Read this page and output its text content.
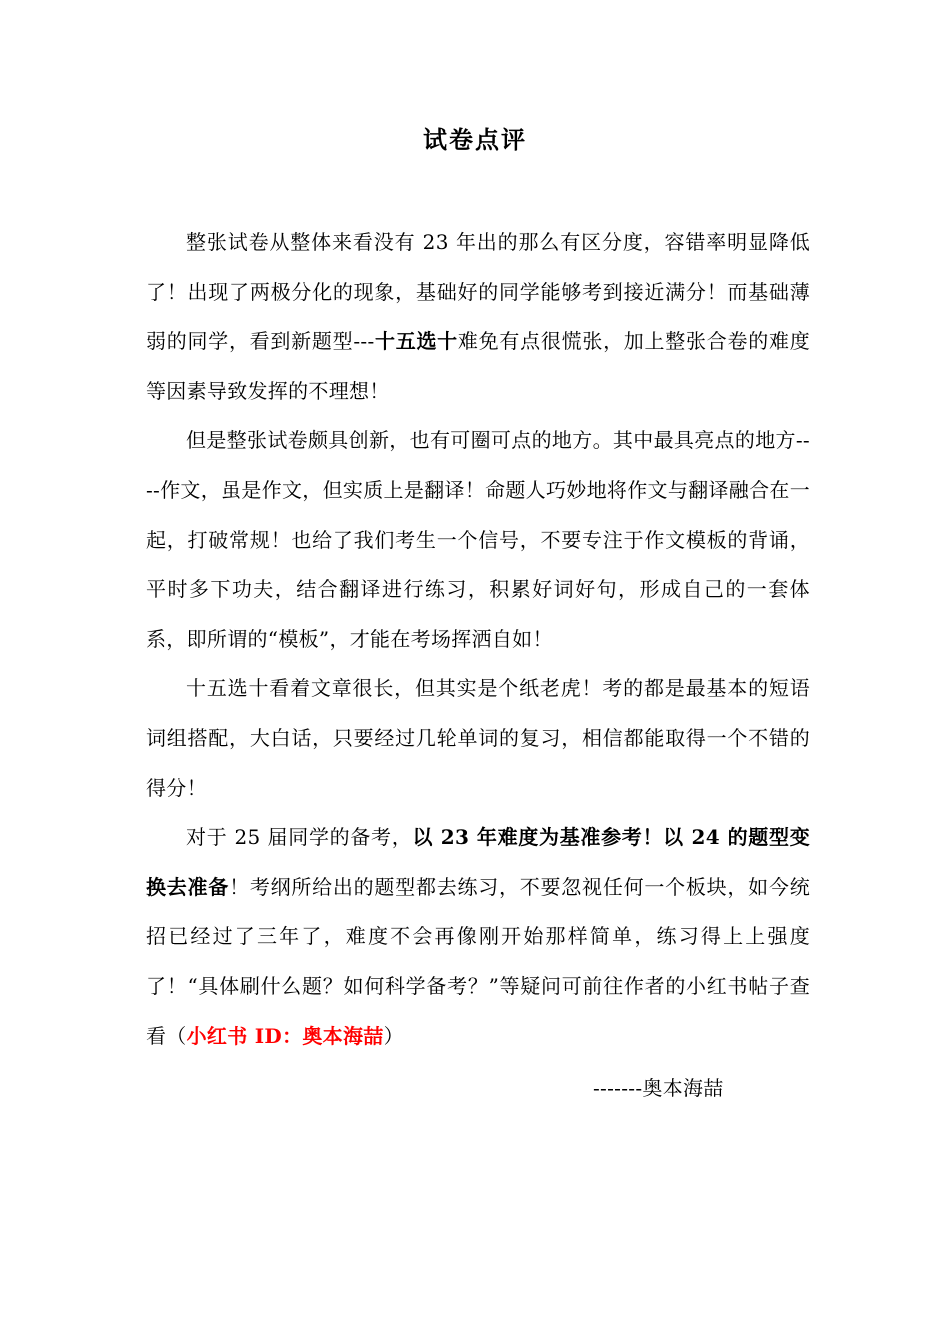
试卷点评

整张试卷从整体来看没有 23 年出的那么有区分度，容错率明显降低了！出现了两极分化的现象，基础好的同学能够考到接近满分！而基础薄弱的同学，看到新题型---十五选十难免有点很慌张，加上整张合卷的难度等因素导致发挥的不理想！

但是整张试卷颇具创新，也有可圈可点的地方。其中最具亮点的地方----作文，虽是作文，但实质上是翻译！命题人巧妙地将作文与翻译融合在一起，打破常规！也给了我们考生一个信号，不要专注于作文模板的背诵，平时多下功夫，结合翻译进行练习，积累好词好句，形成自己的一套体系，即所谓的“模板”，才能在考场挥洒自如！

十五选十看着文章很长，但其实是个纸老虎！考的都是最基本的短语词组搭配，大白话，只要经过几轮单词的复习，相信都能取得一个不错的得分！

对于 25 届同学的备考，以 23 年难度为基准参考！以 24 的题型变换去准备！考纲所给出的题型都去练习，不要忽视任何一个板块，如今统招已经过了三年了，难度不会再像刚开始那样简单，练习得上上强度了！“具体刷什么题？如何科学备考？”等疑问可前往作者的小红书帖子查看（小红书 ID：奥本海喆）

-------奥本海喆
